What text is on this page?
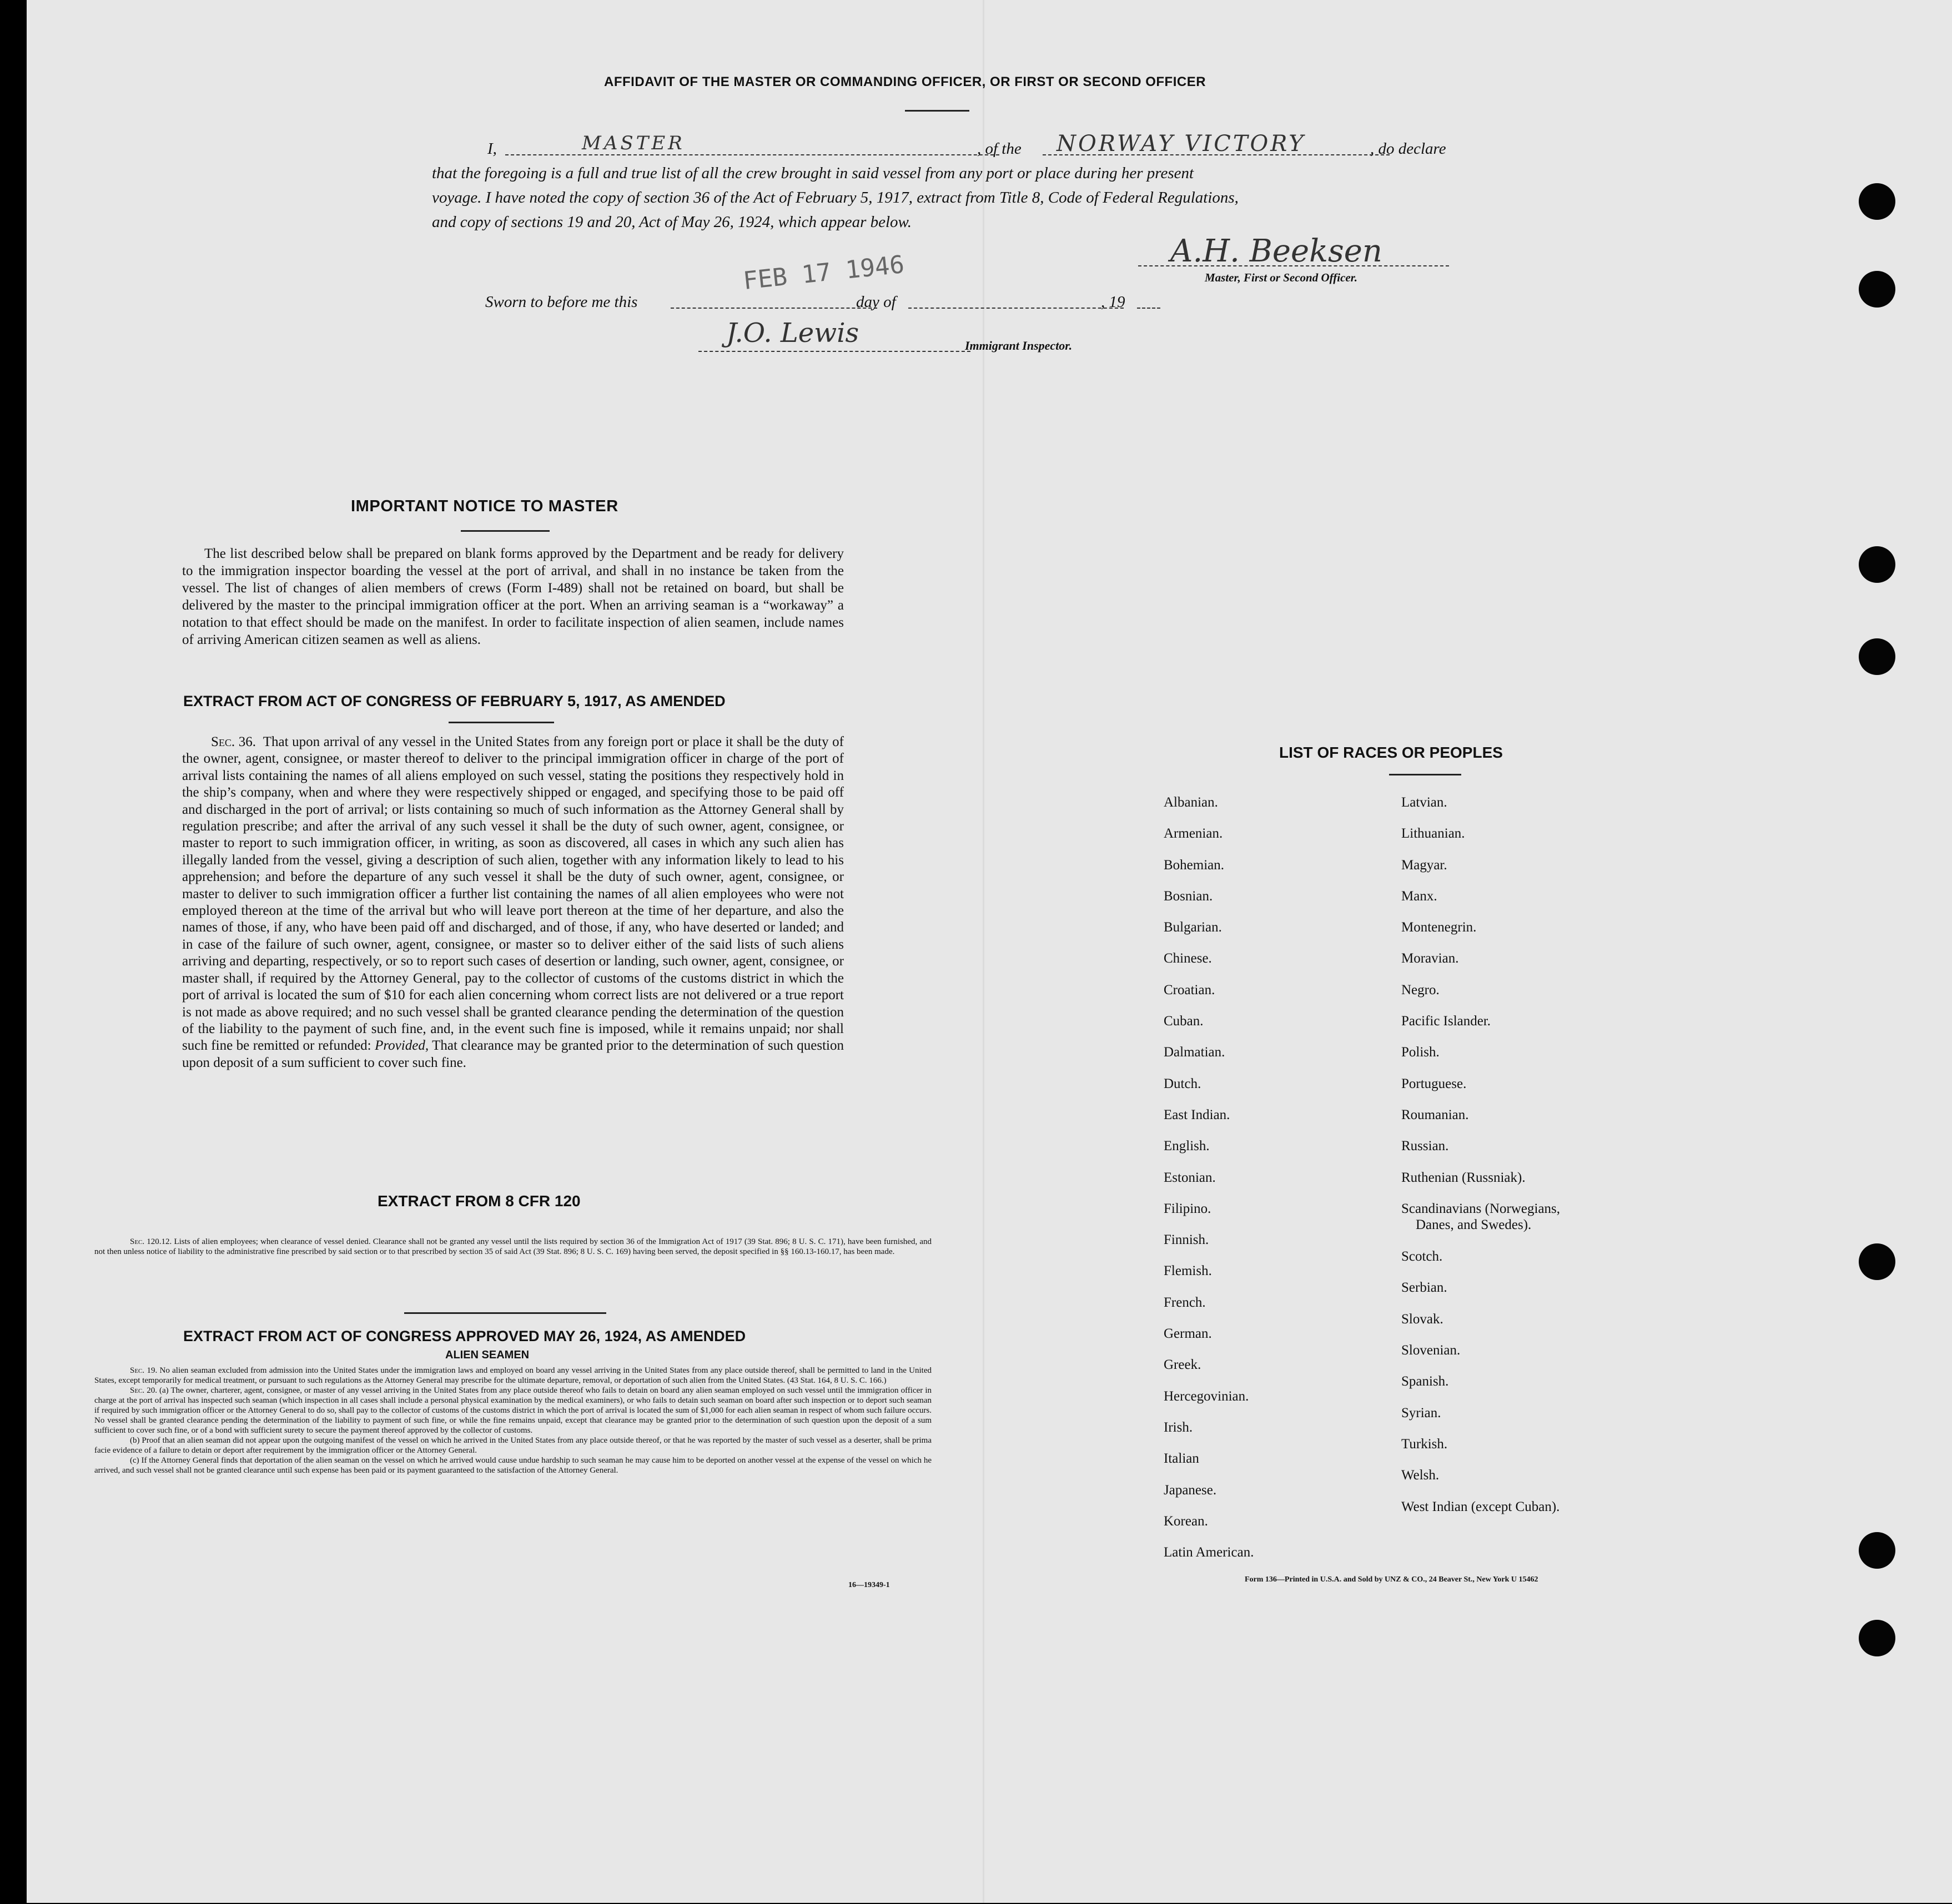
AFFIDAVIT OF THE MASTER OR COMMANDING OFFICER, OR FIRST OR SECOND OFFICER
I,	MASTER	, of the NORWAY VICTORY	, do declare
that the foregoing is a full and true list of all the crew brought in said vessel from any port or place during her present
voyage. I have noted the copy of section 36 of the Act of February 5, 1917, extract from Title 8, Code of Federal Regulations,
and copy of sections 19 and 20, Act of May 26, 1924, which appear below.
A.H. Beeksen
Master, First or Second Officer.
Sworn to before me this
FEB 17 1946
day of	, 19
J.O. Lewis	Immigrant Inspector.
IMPORTANT NOTICE TO MASTER
The list described below shall be prepared on blank forms approved by the Department and be ready for delivery to the immigration inspector boarding the vessel at the port of arrival, and shall in no instance be taken from the vessel. The list of changes of alien members of crews (Form I-489) shall not be retained on board, but shall be delivered by the master to the principal immigration officer at the port. When an arriving seaman is a “workaway” a notation to that effect should be made on the manifest. In order to facilitate inspection of alien seamen, include names of arriving American citizen seamen as well as aliens.
EXTRACT FROM ACT OF CONGRESS OF FEBRUARY 5, 1917, AS AMENDED
Sec. 36. That upon arrival of any vessel in the United States from any foreign port or place it shall be the duty of the owner, agent, consignee, or master thereof to deliver to the principal immigration officer in charge of the port of arrival lists containing the names of all aliens employed on such vessel, stating the positions they respectively hold in the ship’s company, when and where they were respectively shipped or engaged, and specifying those to be paid off and discharged in the port of arrival; or lists containing so much of such information as the Attorney General shall by regulation prescribe; and after the arrival of any such vessel it shall be the duty of such owner, agent, consignee, or master to report to such immigration officer, in writing, as soon as discovered, all cases in which any such alien has illegally landed from the vessel, giving a description of such alien, together with any information likely to lead to his apprehension; and before the departure of any such vessel it shall be the duty of such owner, agent, consignee, or master to deliver to such immigration officer a further list containing the names of all alien employees who were not employed thereon at the time of the arrival but who will leave port thereon at the time of her departure, and also the names of those, if any, who have been paid off and discharged, and of those, if any, who have deserted or landed; and in case of the failure of such owner, agent, consignee, or master so to deliver either of the said lists of such aliens arriving and departing, respectively, or so to report such cases of desertion or landing, such owner, agent, consignee, or master shall, if required by the Attorney General, pay to the collector of customs of the customs district in which the port of arrival is located the sum of $10 for each alien concerning whom correct lists are not delivered or a true report is not made as above required; and no such vessel shall be granted clearance pending the determination of the question of the liability to the payment of such fine, and, in the event such fine is imposed, while it remains unpaid; nor shall such fine be remitted or refunded: Provided, That clearance may be granted prior to the determination of such question upon deposit of a sum sufficient to cover such fine.
EXTRACT FROM 8 CFR 120
Sec. 120.12. Lists of alien employees; when clearance of vessel denied. Clearance shall not be granted any vessel until the lists required by section 36 of the Immigration Act of 1917 (39 Stat. 896; 8 U. S. C. 171), have been furnished, and not then unless notice of liability to the administrative fine prescribed by said section or to that prescribed by section 35 of said Act (39 Stat. 896; 8 U. S. C. 169) having been served, the deposit specified in §§ 160.13-160.17, has been made.
EXTRACT FROM ACT OF CONGRESS APPROVED MAY 26, 1924, AS AMENDED
ALIEN SEAMEN
Sec. 19. No alien seaman excluded from admission into the United States under the immigration laws and employed on board any vessel arriving in the United States from any place outside thereof, shall be permitted to land in the United States, except temporarily for medical treatment, or pursuant to such regulations as the Attorney General may prescribe for the ultimate departure, removal, or deportation of such alien from the United States. (43 Stat. 164, 8 U. S. C. 166.)
Sec. 20. (a) The owner, charterer, agent, consignee, or master of any vessel arriving in the United States from any place outside thereof who fails to detain on board any alien seaman employed on such vessel until the immigration officer in charge at the port of arrival has inspected such seaman (which inspection in all cases shall include a personal physical examination by the medical examiners), or who fails to detain such seaman on board after such inspection or to deport such seaman if required by such immigration officer or the Attorney General to do so, shall pay to the collector of customs of the customs district in which the port of arrival is located the sum of $1,000 for each alien seaman in respect of whom such failure occurs. No vessel shall be granted clearance pending the determination of the liability to payment of such fine, or while the fine remains unpaid, except that clearance may be granted prior to the determination of such question upon the deposit of a sum sufficient to cover such fine, or of a bond with sufficient surety to secure the payment thereof approved by the collector of customs.
(b) Proof that an alien seaman did not appear upon the outgoing manifest of the vessel on which he arrived in the United States from any place outside thereof, or that he was reported by the master of such vessel as a deserter, shall be prima facie evidence of a failure to detain or deport after requirement by the immigration officer or the Attorney General.
(c) If the Attorney General finds that deportation of the alien seaman on the vessel on which he arrived would cause undue hardship to such seaman he may cause him to be deported on another vessel at the expense of the vessel on which he arrived, and such vessel shall not be granted clearance until such expense has been paid or its payment guaranteed to the satisfaction of the Attorney General.
16—19349-1
LIST OF RACES OR PEOPLES
Albanian.
Armenian.
Bohemian.
Bosnian.
Bulgarian.
Chinese.
Croatian.
Cuban.
Dalmatian.
Dutch.
East Indian.
English.
Estonian.
Filipino.
Finnish.
Flemish.
French.
German.
Greek.
Hercegovinian.
Irish.
Italian
Japanese.
Korean.
Latin American.
Latvian.
Lithuanian.
Magyar.
Manx.
Montenegrin.
Moravian.
Negro.
Pacific Islander.
Polish.
Portuguese.
Roumanian.
Russian.
Ruthenian (Russniak).
Scandinavians (Norwegians,
Danes, and Swedes).
Scotch.
Serbian.
Slovak.
Slovenian.
Spanish.
Syrian.
Turkish.
Welsh.
West Indian (except Cuban).
Form 136—Printed in U.S.A. and Sold by UNZ & CO., 24 Beaver St., New York U 15462
